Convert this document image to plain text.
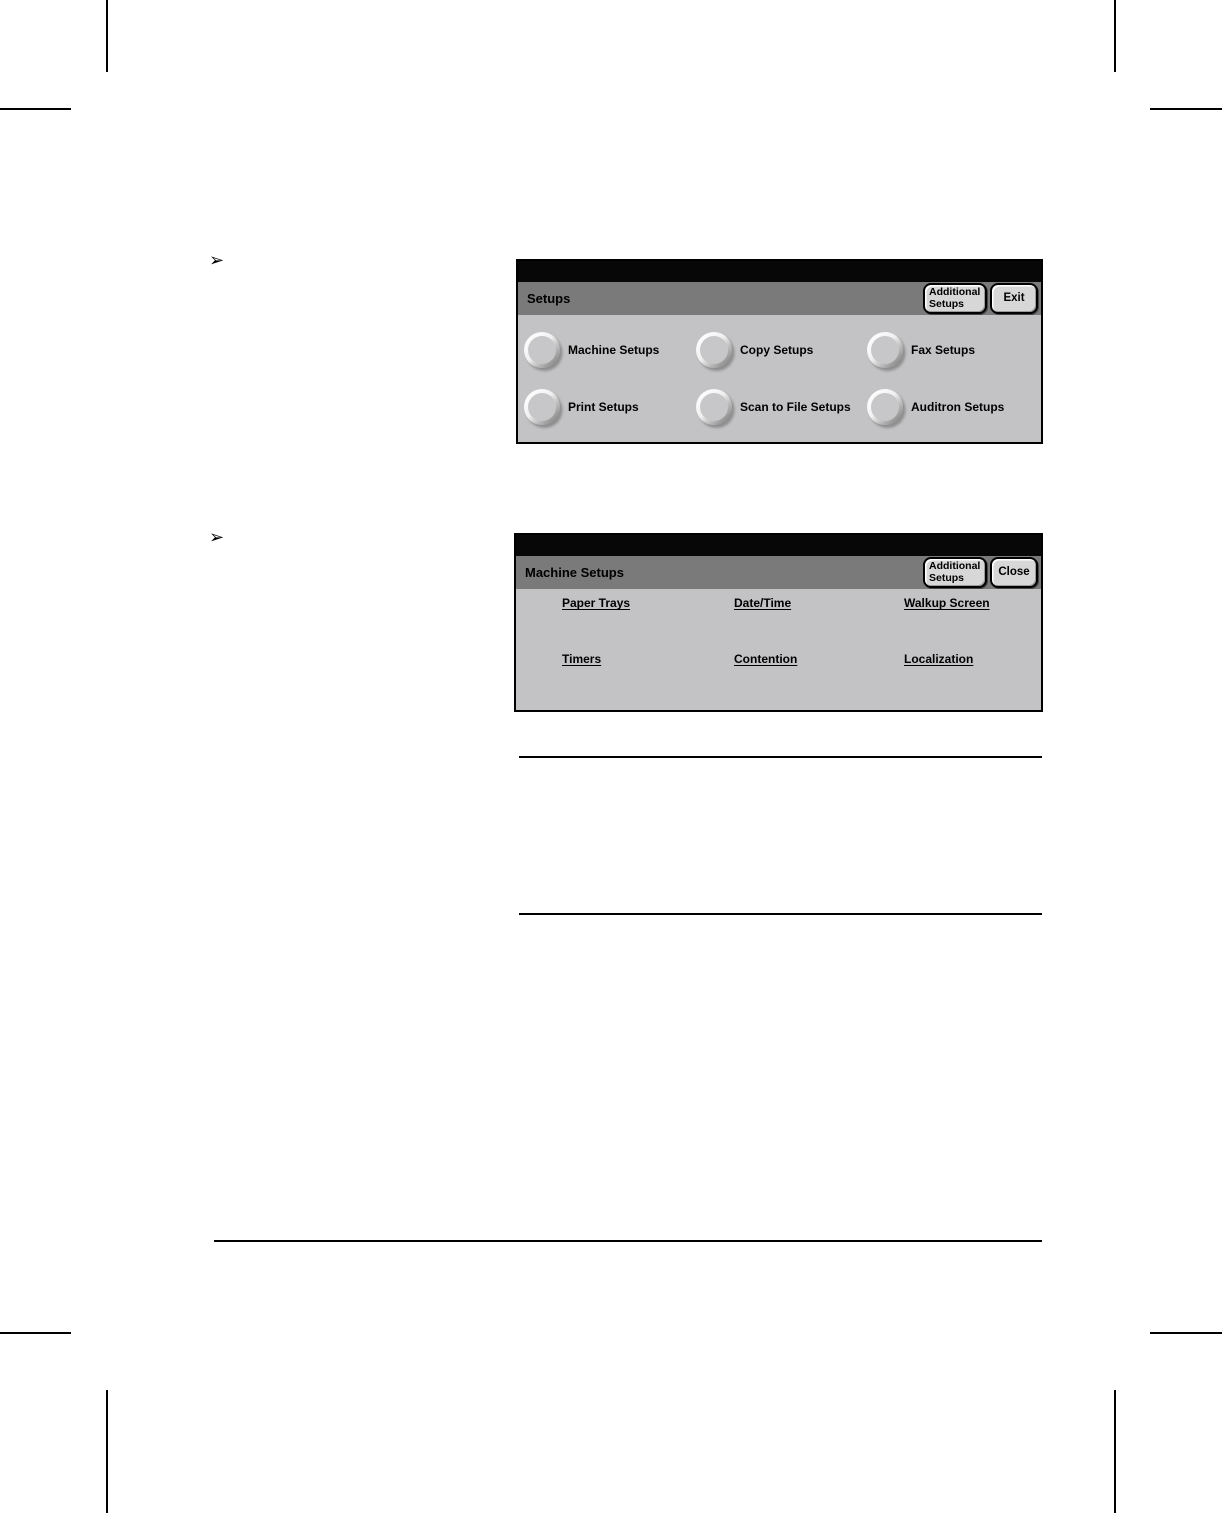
➢
➢
Setups	Additional Setups	Exit
Machine Setups	Copy Setups	Fax Setups
Print Setups	Scan to File Setups	Auditron Setups
Machine Setups	Additional Setups	Close
Paper Trays	Date/Time	Walkup Screen
Timers	Contention	Localization
